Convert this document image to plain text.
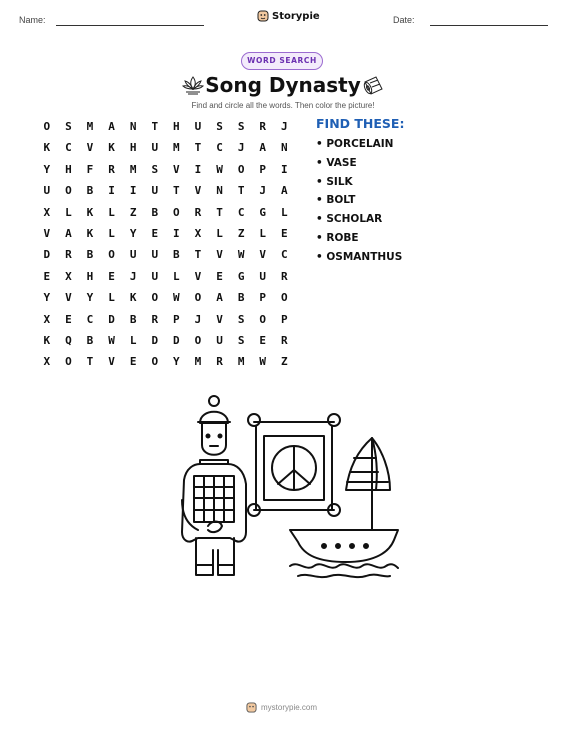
Name:	Storypie	Date:
WORD SEARCH
Song Dynasty
Find and circle all the words. Then color the picture!
O	S	M	A	N	T	H	U	S	S	R	J
K	C	V	K	H	U	M	T	C	J	A	N
Y	H	F	R	M	S	V	I	W	O	P	I
U	O	B	I	I	U	T	V	N	T	J	A
X	L	K	L	Z	B	O	R	T	C	G	L
V	A	K	L	Y	E	I	X	L	Z	L	E
D	R	B	O	U	U	B	T	V	W	V	C
E	X	H	E	J	U	L	V	E	G	U	R
Y	V	Y	L	K	O	W	O	A	B	P	O
X	E	C	D	B	R	P	J	V	S	O	P
K	Q	B	W	L	D	D	O	U	S	E	R
X	O	T	V	E	O	Y	M	R	M	W	Z
FIND THESE:
• PORCELAIN
• VASE
• SILK
• BOLT
• SCHOLAR
• ROBE
• OSMANTHUS
mystorypie.com
